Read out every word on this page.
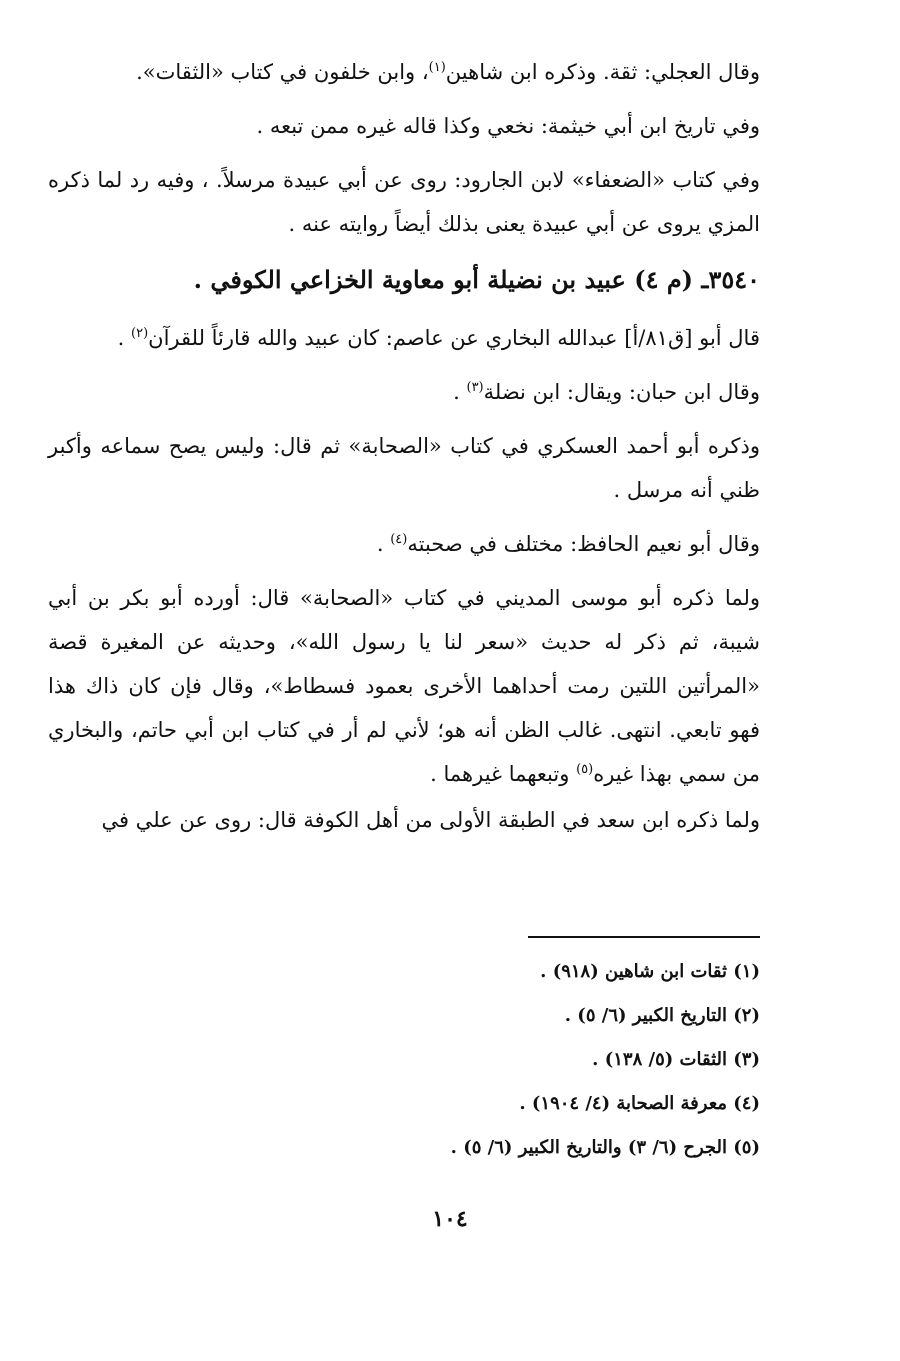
وقال العجلي: ثقة. وذكره ابن شاهين$^{(١)}$، وابن خلفون في كتاب «الثقات».

وفي تاريخ ابن أبي خيثمة: نخعي وكذا قاله غيره ممن تبعه .

وفي كتاب «الضعفاء» لابن الجارود: روى عن أبي عبيدة مرسلاً. ، وفيه رد لما ذكره المزي يروى عن أبي عبيدة يعنى بذلك أيضاً روايته عنه .

٣٥٤٠ـ (م ٤) عبيد بن نضيلة أبو معاوية الخزاعي الكوفي .

قال أبو [ق٨١/أ] عبدالله البخاري عن عاصم: كان عبيد والله قارئاً للقرآن$^{(٢)}$ .

وقال ابن حبان: ويقال: ابن نضلة$^{(٣)}$ .

وذكره أبو أحمد العسكري في كتاب «الصحابة» ثم قال: وليس يصح سماعه وأكبر ظني أنه مرسل .

وقال أبو نعيم الحافظ: مختلف في صحبته$^{(٤)}$ .

ولما ذكره أبو موسى المديني في كتاب «الصحابة» قال: أورده أبو بكر بن أبي شيبة، ثم ذكر له حديث «سعر لنا يا رسول الله»، وحديثه عن المغيرة قصة «المرأتين اللتين رمت أحداهما الأخرى بعمود فسطاط»، وقال فإن كان ذاك هذا فهو تابعي. انتهى. غالب الظن أنه هو؛ لأني لم أر في كتاب ابن أبي حاتم، والبخاري من سمي بهذا غيره$^{(٥)}$ وتبعهما غيرهما .

ولما ذكره ابن سعد في الطبقة الأولى من أهل الكوفة قال: روى عن علي في

(١) ثقات ابن شاهين (٩١٨) .
(٢) التاريخ الكبير (٦/ ٥) .
(٣) الثقات (٥/ ١٣٨) .
(٤) معرفة الصحابة (٤/ ١٩٠٤) .
(٥) الجرح (٦/ ٣) والتاريخ الكبير (٦/ ٥) .
١٠٤
